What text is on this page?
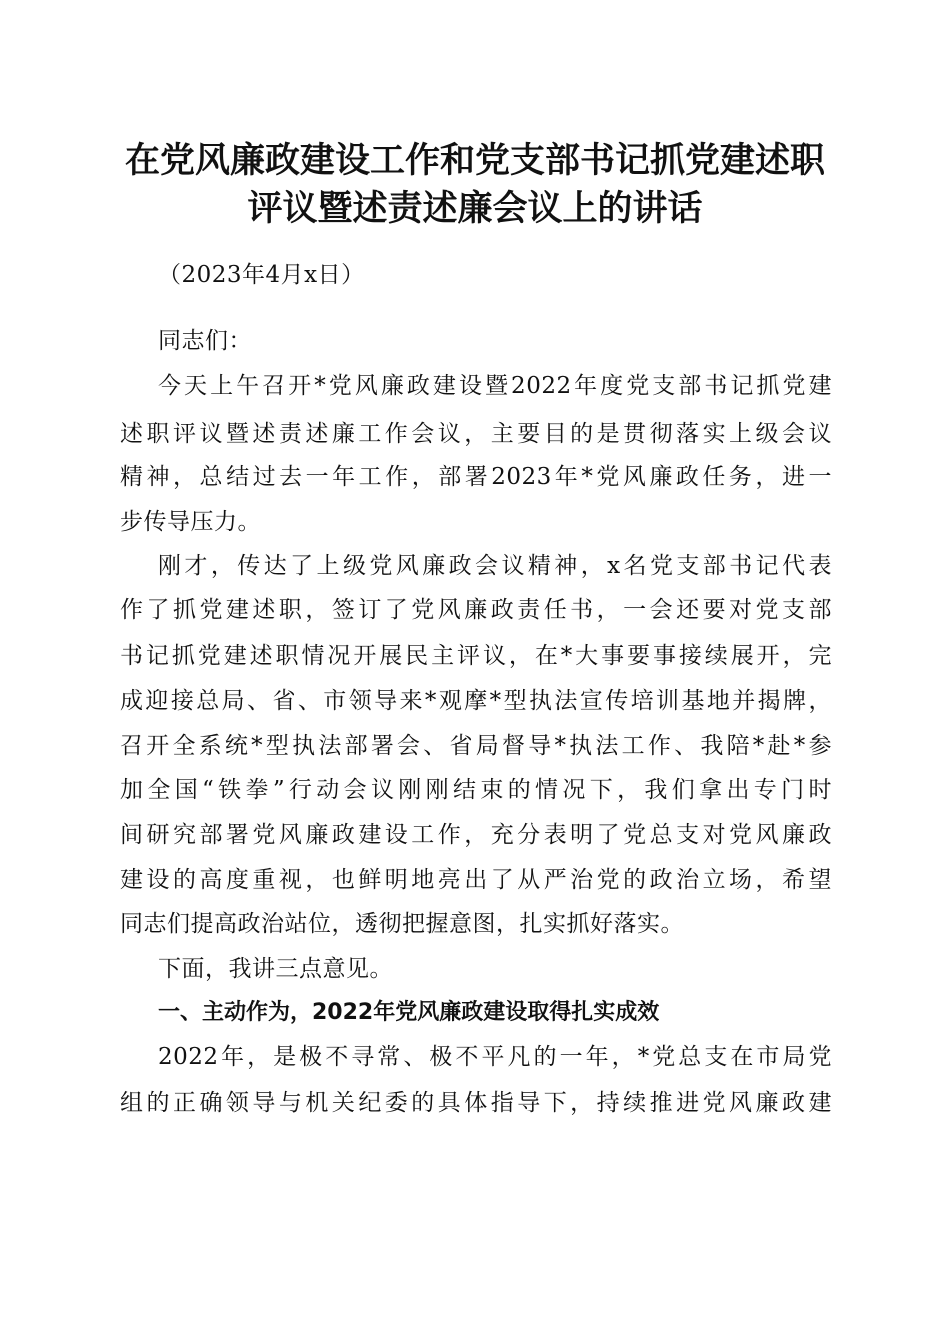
在党风廉政建设工作和党支部书记抓党建述职
评议暨述责述廉会议上的讲话
（2023年4月x日）
同志们：
今天上午召开*党风廉政建设暨2022年度党支部书记抓党建
述职评议暨述责述廉工作会议，主要目的是贯彻落实上级会议
精神，总结过去一年工作，部署2023年*党风廉政任务，进一
步传导压力。
刚才，传达了上级党风廉政会议精神，x名党支部书记代表
作了抓党建述职，签订了党风廉政责任书，一会还要对党支部
书记抓党建述职情况开展民主评议，在*大事要事接续展开，完
成迎接总局、省、市领导来*观摩*型执法宣传培训基地并揭牌，
召开全系统*型执法部署会、省局督导*执法工作、我陪*赴*参
加全国“铁拳”行动会议刚刚结束的情况下，我们拿出专门时
间研究部署党风廉政建设工作，充分表明了党总支对党风廉政
建设的高度重视，也鲜明地亮出了从严治党的政治立场，希望
同志们提高政治站位，透彻把握意图，扎实抓好落实。
下面，我讲三点意见。
一、主动作为，2022年党风廉政建设取得扎实成效
2022年，是极不寻常、极不平凡的一年，*党总支在市局党
组的正确领导与机关纪委的具体指导下，持续推进党风廉政建
